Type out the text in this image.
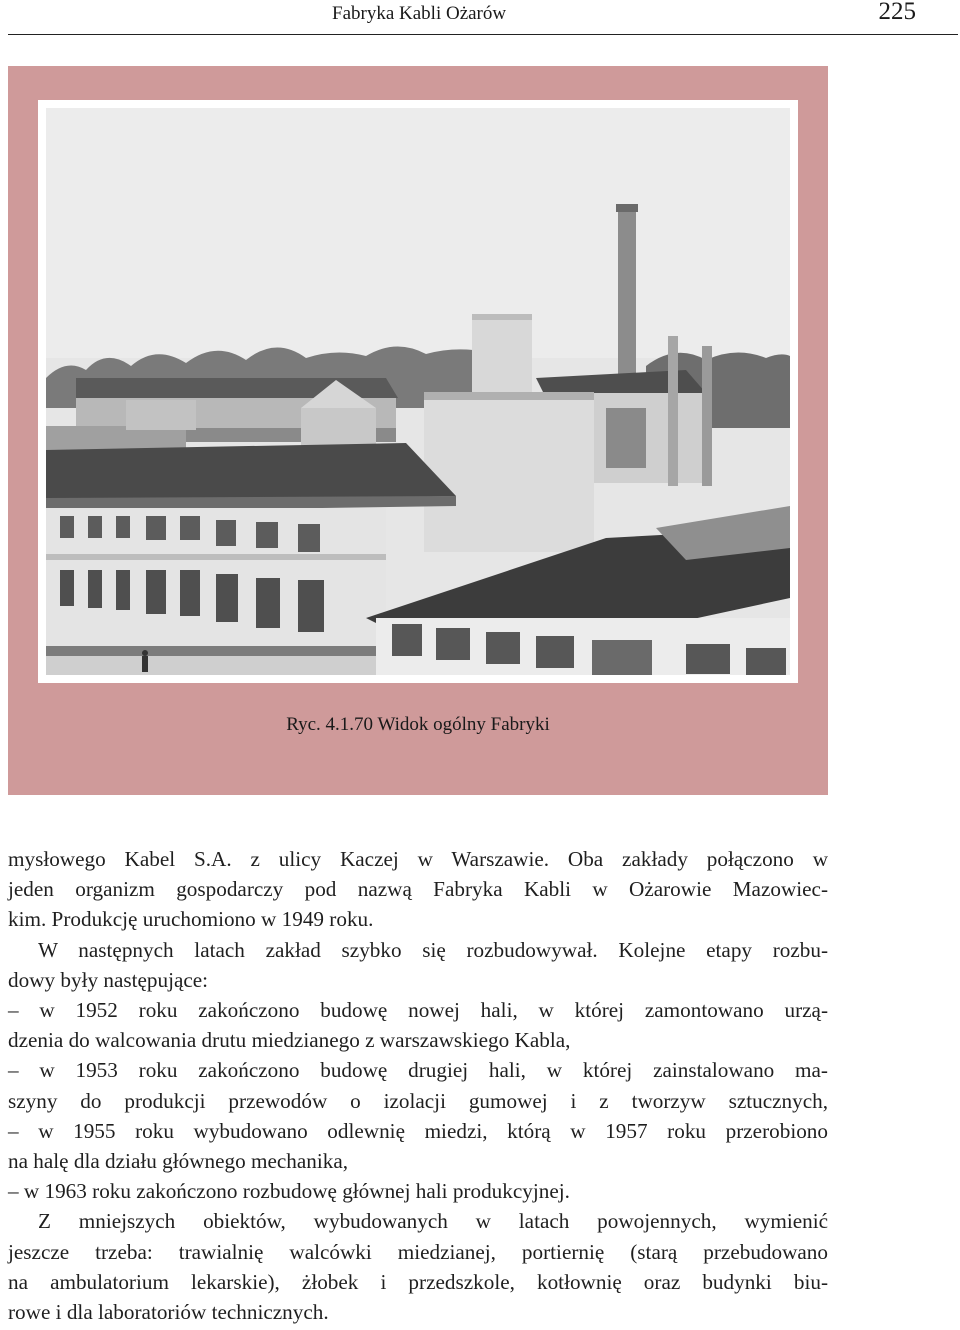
Fabryka Kabli Ożarów	225
Ryc. 4.1.70 Widok ogólny Fabryki
mysłowego Kabel S.A. z ulicy Kaczej w Warszawie. Oba zakłady połączono w
jeden organizm gospodarczy pod nazwą Fabryka Kabli w Ożarowie Mazowiec-
kim. Produkcję uruchomiono w 1949 roku.
W następnych latach zakład szybko się rozbudowywał. Kolejne etapy rozbu-
dowy były następujące:
– w 1952 roku zakończono budowę nowej hali, w której zamontowano urzą-
dzenia do walcowania drutu miedzianego z warszawskiego Kabla,
– w 1953 roku zakończono budowę drugiej hali, w której zainstalowano ma-
szyny do produkcji przewodów o izolacji gumowej i z tworzyw sztucznych,
– w 1955 roku wybudowano odlewnię miedzi, którą w 1957 roku przerobiono
na halę dla działu głównego mechanika,
– w 1963 roku zakończono rozbudowę głównej hali produkcyjnej.
Z mniejszych obiektów, wybudowanych w latach powojennych, wymienić
jeszcze trzeba: trawialnię walcówki miedzianej, portiernię (starą przebudowano
na ambulatorium lekarskie), żłobek i przedszkole, kotłownię oraz budynki biu-
rowe i dla laboratoriów technicznych.
